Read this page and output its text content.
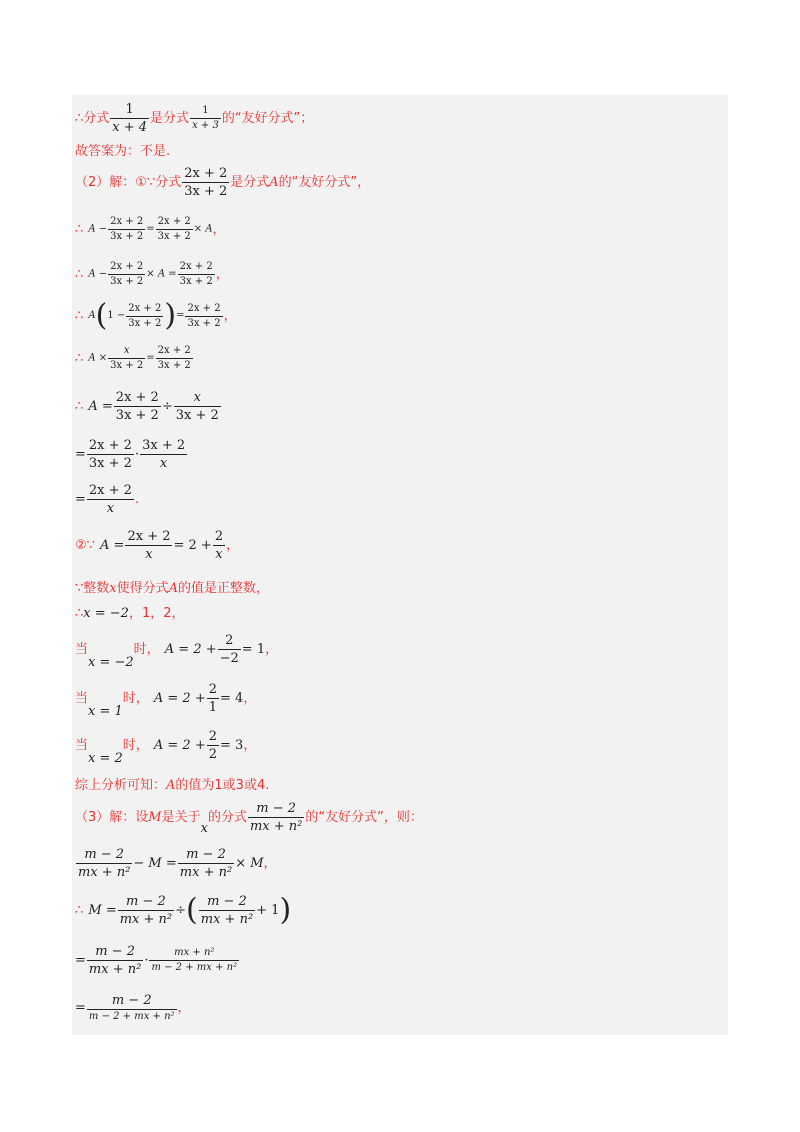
∴分式 $\frac{1}{x + 4}$ 是分式 $\frac{1}{x + 3}$ 的“友好分式”；
故答案为：不是.
（2）解：①∵分式 $\frac{2x + 2}{3x + 2}$ 是分式A的“友好分式”，
∴ $A - \frac{2x + 2}{3x + 2} = \frac{2x + 2}{3x + 2} \times A$，
∴ $A - \frac{2x + 2}{3x + 2} \times A = \frac{2x + 2}{3x + 2}$ ，
∴ $A(1 - \frac{2x + 2}{3x + 2}$ )= $\frac{2x + 2}{3x + 2}$ ，
∴ $A \times \frac{x}{3x + 2} = \frac{2x + 2}{3x + 2}$
∴ $A = \frac{2x + 2}{3x + 2} \div \frac{x}{3x + 2}$
= $\frac{2x + 2}{3x + 2} \cdot \frac{3x + 2}{x}$
= $\frac{2x + 2}{x}$ .
②∵ $A = \frac{2x + 2}{x} = 2 + \frac{2}{x}$ ，
∵整数x使得分式A的值是正整数，
∴x = −2，1，2，
当$_{x = -2}$时， $A = 2 + \frac{2}{-2} = 1$，
当$_{x = 1}$时， $A = 2 + \frac{2}{1} = 4$，
当$_{x = 2}$时， $A = 2 + \frac{2}{2} = 3$，
综上分析可知：A的值为1或3或4.
（3）解：设M是关于$_x$的分式 $\frac{m - 2}{\text{mx + n²}}$ 的“友好分式”，则：
$\frac{m - 2}{\text{mx + n²}} - M = \frac{m - 2}{\text{mx + n²}} \times M$，
∴ $M = \frac{m - 2}{\text{mx + n²}}$ ÷( $\frac{m - 2}{\text{mx + n²}} + 1$)
= $\frac{m - 2}{\text{mx + n²}} \cdot \frac{\text{mx + n²}}{\text{m − 2 + mx + n²}}$
=	m − 2
m − 2 + mx + n²
，
